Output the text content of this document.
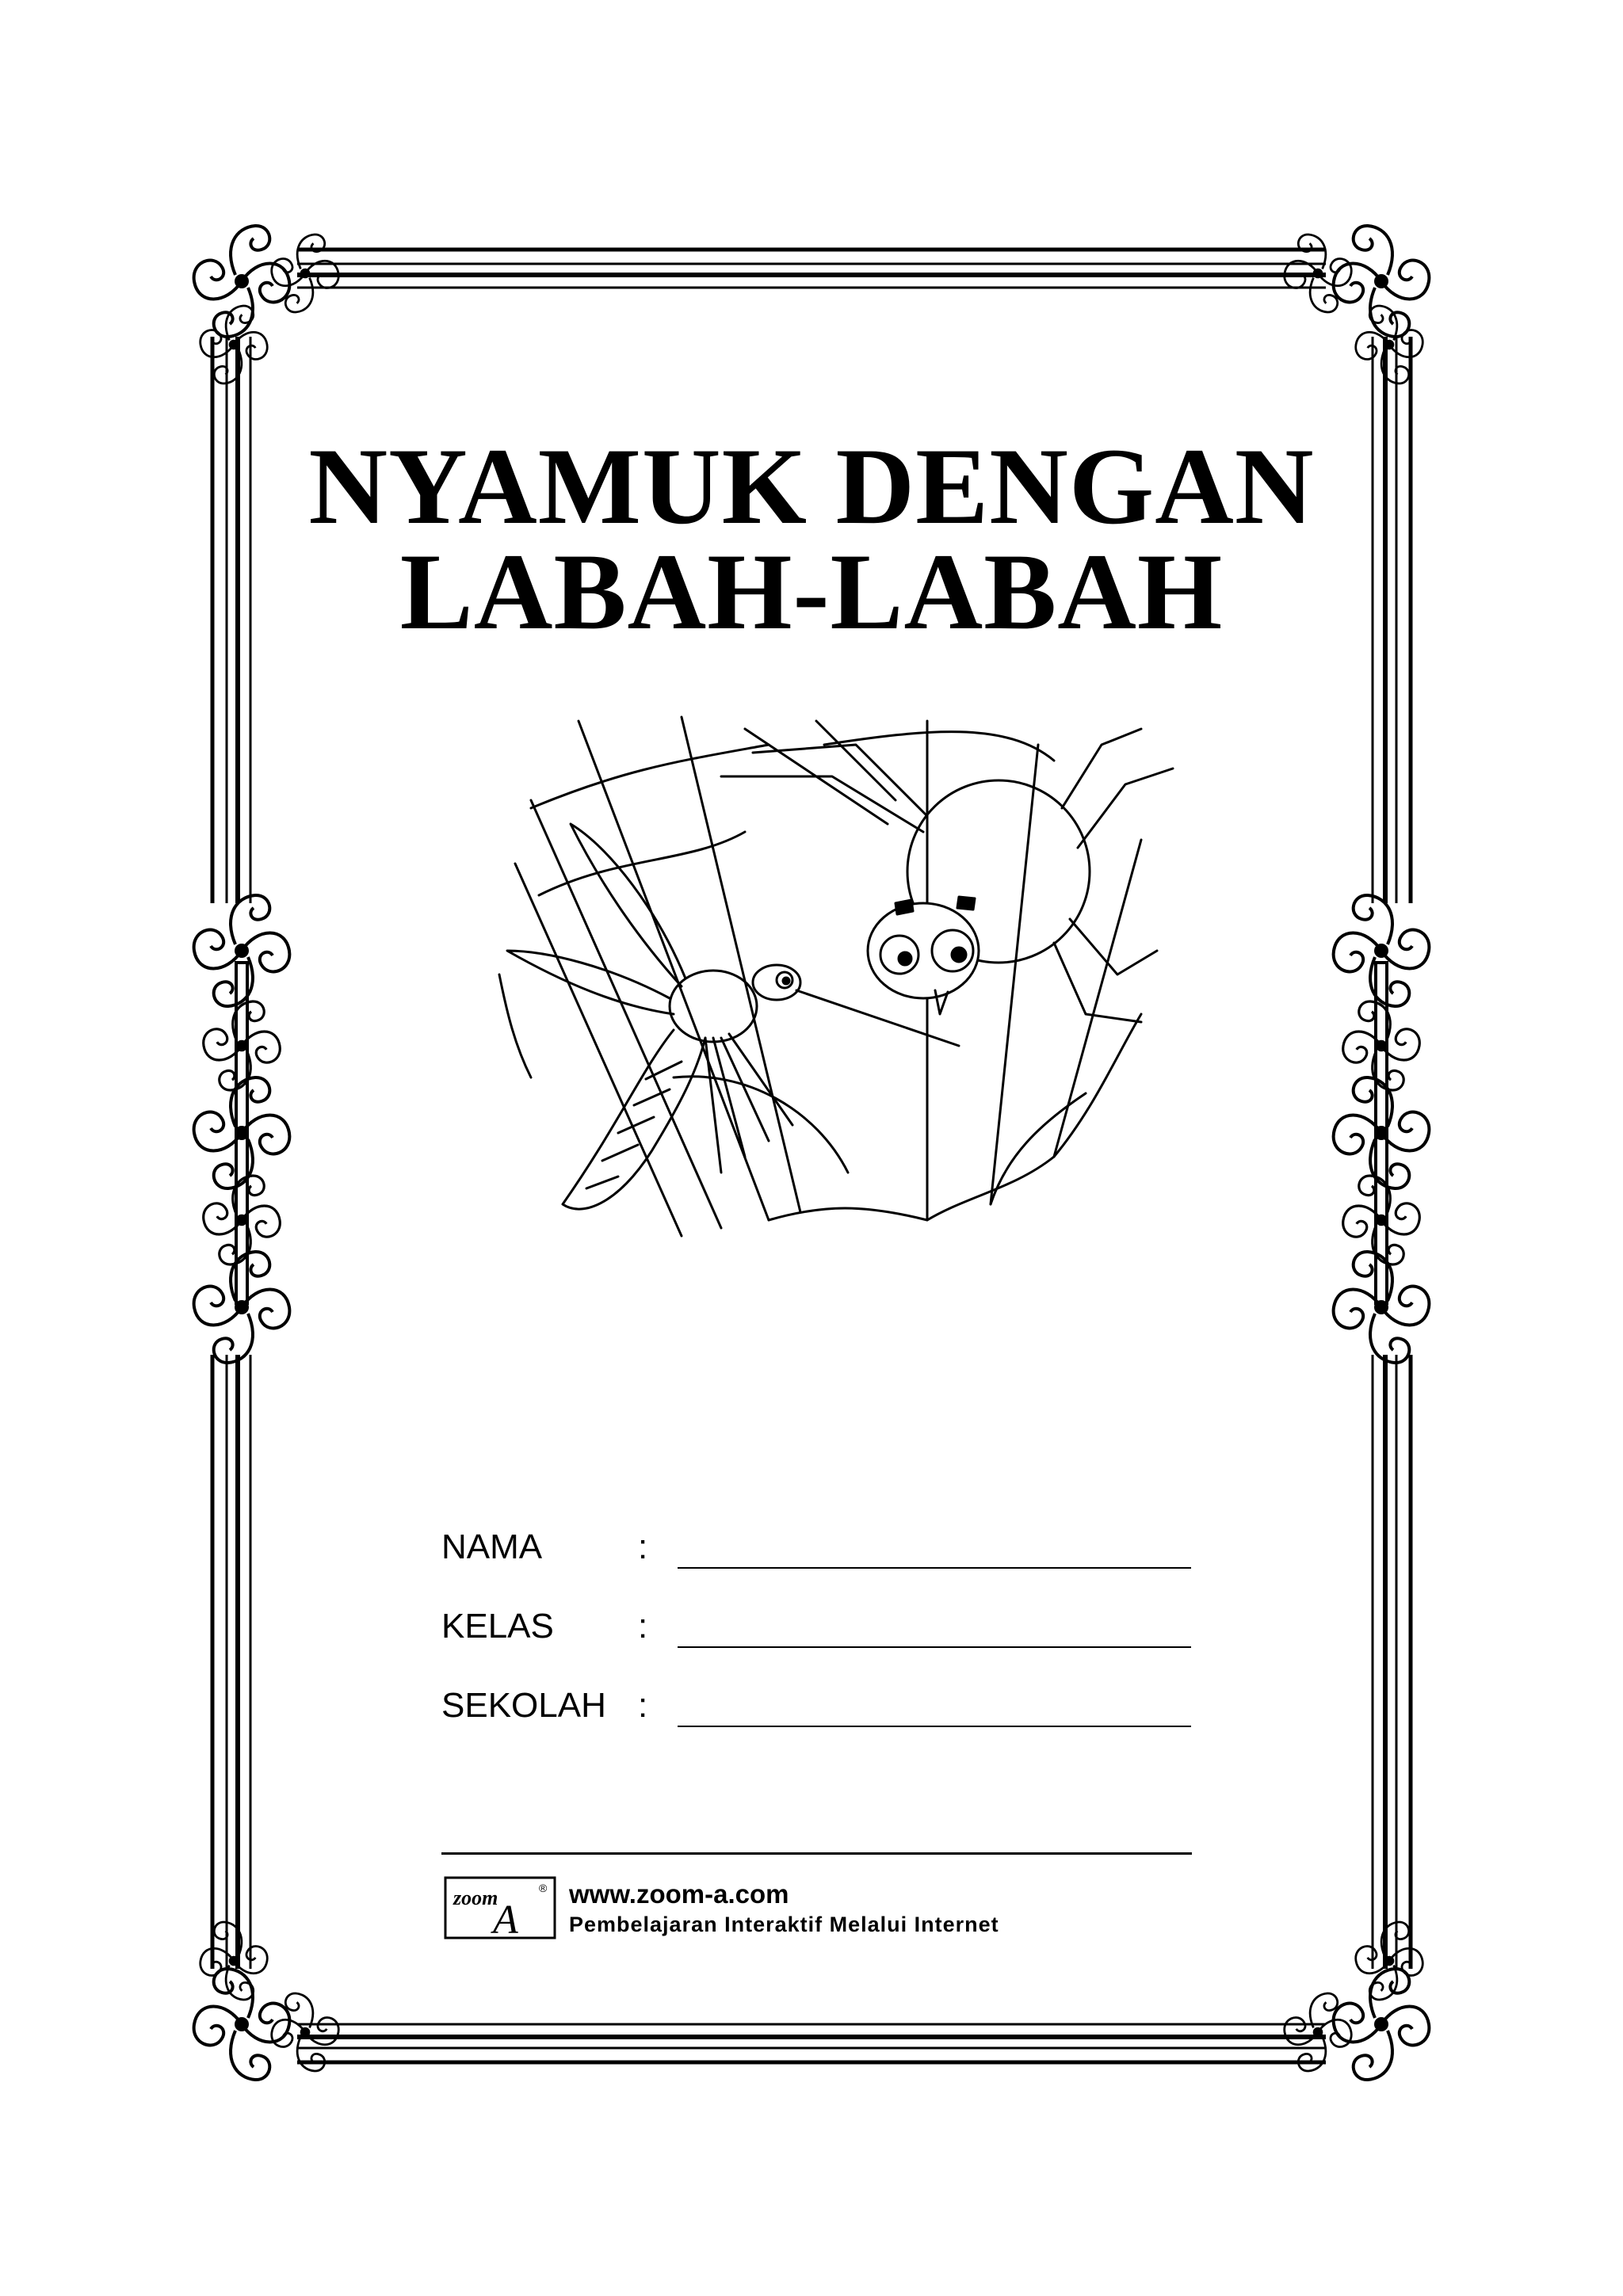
NYAMUK DENGAN
LABAH-LABAH
NAMA	:
KELAS :
SEKOLAH :
zoom
A
® www.zoom-a.com
Pembelajaran Interaktif Melalui Internet
